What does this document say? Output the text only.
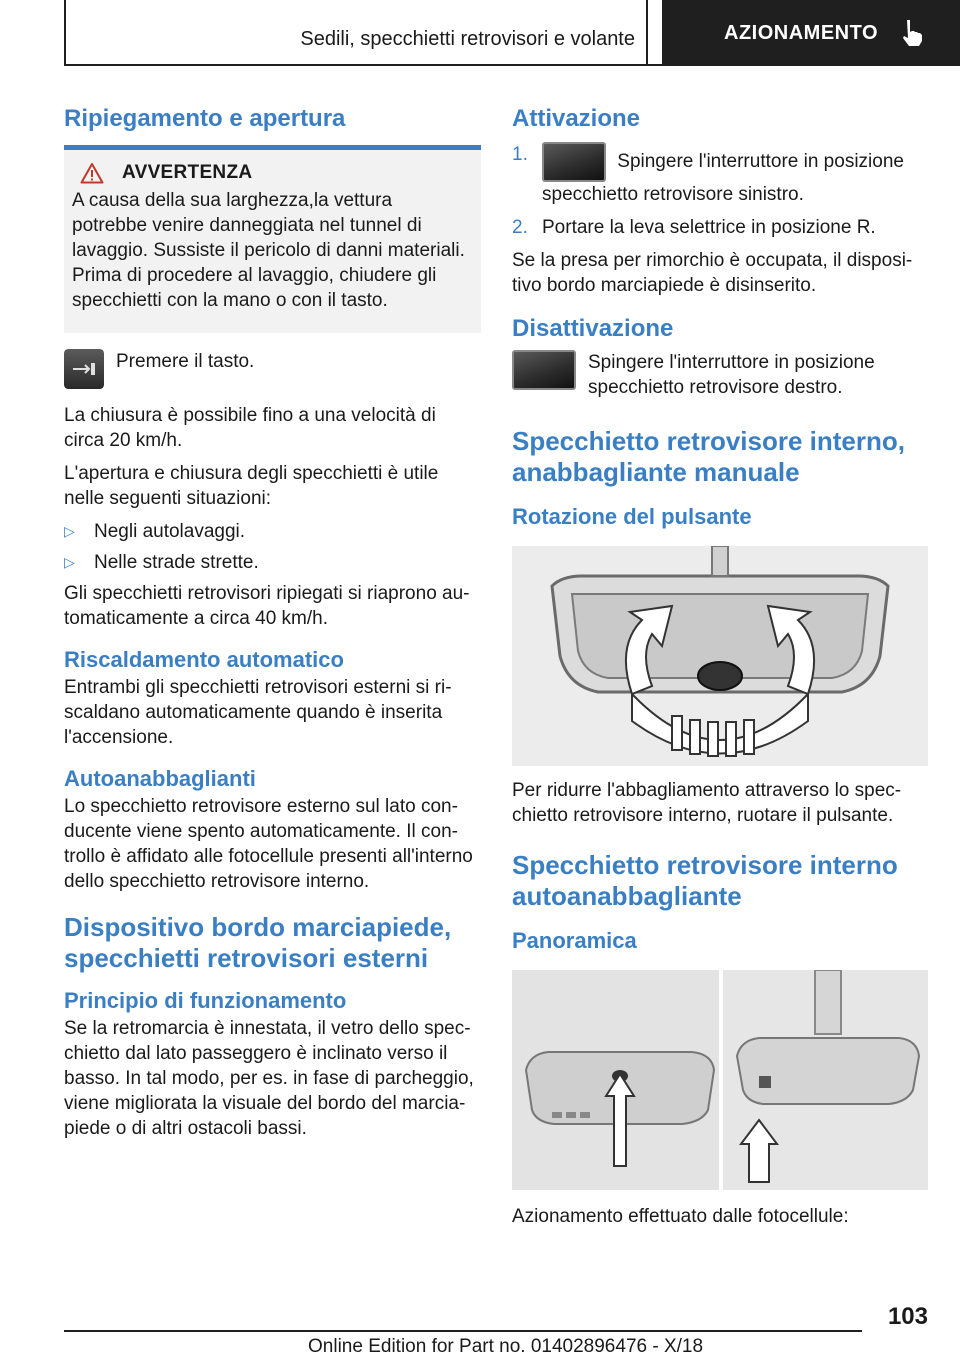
Sedili, specchietti retrovisori e volante	AZIONAMENTO
Ripiegamento e apertura
AVVERTENZA
A causa della sua larghezza,la vettura potrebbe venire danneggiata nel tunnel di lavaggio. Sussiste il pericolo di danni materiali. Prima di procedere al lavaggio, chiudere gli specchietti con la mano o con il tasto.

Premere il tasto.

La chiusura è possibile fino a una velocità di circa 20 km/h.

L'apertura e chiusura degli specchietti è utile nelle seguenti situazioni:

▷	Negli autolavaggi.
▷	Nelle strade strette.

Gli specchietti retrovisori ripiegati si riaprono automaticamente a circa 40 km/h.

Riscaldamento automatico

Entrambi gli specchietti retrovisori esterni si riscaldano automaticamente quando è inserita l'accensione.

Autoanabbaglianti

Lo specchietto retrovisore esterno sul lato conducente viene spento automaticamente. Il controllo è affidato alle fotocellule presenti all'interno dello specchietto retrovisore interno.

Dispositivo bordo marciapiede, specchietti retrovisori esterni
Principio di funzionamento

Se la retromarcia è innestata, il vetro dello specchietto dal lato passeggero è inclinato verso il basso. In tal modo, per es. in fase di parcheggio, viene migliorata la visuale del bordo del marciapiede o di altri ostacoli bassi.

Attivazione
1.	Spingere l'interruttore in posizione specchietto retrovisore sinistro.
2. Portare la leva selettrice in posizione R.

Se la presa per rimorchio è occupata, il dispositivo bordo marciapiede è disinserito.

Disattivazione

Spingere l'interruttore in posizione specchietto retrovisore destro.

Specchietto retrovisore interno, anabbagliante manuale
Rotazione del pulsante

Per ridurre l'abbagliamento attraverso lo specchietto retrovisore interno, ruotare il pulsante.

Specchietto retrovisore interno autoanabbagliante
Panoramica

Azionamento effettuato dalle fotocellule:

103
Online Edition for Part no. 01402896476 - X/18
